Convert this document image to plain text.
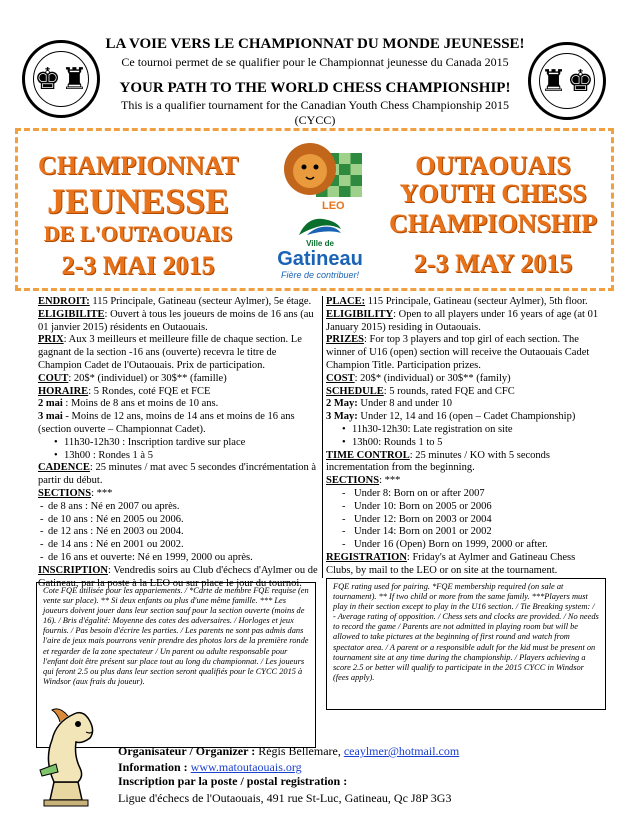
♚♜	♜♚
LA VOIE VERS LE CHAMPIONNAT DU MONDE JEUNESSE!
Ce tournoi permet de se qualifier pour le Championnat jeunesse du Canada 2015
YOUR PATH TO THE WORLD CHESS CHAMPIONSHIP!
This is a qualifier tournament for the Canadian Youth Chess Championship 2015 (CYCC)
CHAMPIONNAT
JEUNESSE
DE L'OUTAOUAIS
2-3 MAI 2015
OUTAOUAIS
YOUTH CHESS
CHAMPIONSHIP
2-3 MAY 2015
LEO
Ville de
Gatineau
Fière de contribuer!

ENDROIT: 115 Principale, Gatineau (secteur Aylmer), 5e étage.

ELIGIBILITE: Ouvert à tous les joueurs de moins de 16 ans (au 01 janvier 2015) résidents en Outaouais.

PRIX: Aux 3 meilleurs et meilleure fille de chaque section. Le gagnant de la section -16 ans (ouverte) recevra le titre de Champion Cadet de l'Outaouais. Prix de participation.

COUT: 20$* (individuel) or 30$** (famille)

HORAIRE: 5 Rondes, coté FQE et FCE

2 mai : Moins de 8 ans et moins de 10 ans.

3 mai - Moins de 12 ans, moins de 14 ans et moins de 16 ans (section ouverte – Championnat Cadet).

• 11h30-12h30 : Inscription tardive sur place

• 13h00 : Rondes 1 à 5

CADENCE: 25 minutes / mat avec 5 secondes d'incrémentation à partir du début.

SECTIONS: ***

- de 8 ans : Né en 2007 ou après.

- de 10 ans : Né en 2005 ou 2006.

- de 12 ans : Né en 2003 ou 2004.

- de 14 ans : Né en 2001 ou 2002.

- de 16 ans et ouverte: Né en 1999, 2000 ou après.

INSCRIPTION: Vendredis soirs au Club d'échecs d'Aylmer ou de Gatineau, par la poste à la LEO ou sur place le jour du tournoi.

PLACE: 115 Principale, Gatineau (secteur Aylmer), 5th floor.

ELIGIBILITY: Open to all players under 16 years of age (at 01 January 2015) residing in Outaouais.

PRIZES: For top 3 players and top girl of each section. The winner of U16 (open) section will receive the Outaouais Cadet Champion Title. Participation prizes.

COST: 20$* (individual) or 30$** (family)

SCHEDULE: 5 rounds, rated FQE and CFC

2 May: Under 8 and under 10

3 May: Under 12, 14 and 16 (open – Cadet Championship)

• 11h30-12h30: Late registration on site

• 13h00: Rounds 1 to 5

TIME CONTROL: 25 minutes / KO with 5 seconds incrementation from the beginning.

SECTIONS: ***

- Under 8: Born on or after 2007

- Under 10: Born on 2005 or 2006

- Under 12: Born on 2003 or 2004

- Under 14: Born on 2001 or 2002

- Under 16 (Open) Born on 1999, 2000 or after.

REGISTRATION: Friday's at Aylmer and Gatineau Chess Clubs, by mail to the LEO or on site at the tournament.

Cote FQE utilisée pour les appariements. / *Carte de membre FQE requise (en vente sur place). ** Si deux enfants ou plus d'une même famille. *** Les joueurs doivent jouer dans leur section sauf pour la section ouverte (moins de 16). / Bris d'égalité: Moyenne des cotes des adversaires. / Horloges et jeux fournis. / Pas besoin d'écrire les parties. / Les parents ne sont pas admis dans l'aire de jeux mais pourrons venir prendre des photos lors de la première ronde et regarder de la zone spectateur / Un parent ou adulte responsable pour l'enfant doit être présent sur place tout au long du championnat. / Les joueurs qui feront 2.5 ou plus dans leur section seront qualifiés pour le CYCC 2015 à Windsor (aux frais du joueur).
FQE rating used for pairing. *FQE membership required (on sale at tournament). ** If two child or more from the same family. ***Players must play in their section except to play in the U16 section. / Tie Breaking system: / - Average rating of opposition. / Chess sets and clocks are provided. / No needs to record the game / Parents are not admitted in playing room but will be allowed to take pictures at the beginning of first round and watch from spectator area. / A parent or a responsible adult for the kid must be present on tournament site at any time during the championship. / Players achieving a score 2.5 or better will qualify to participate in the 2015 CYCC in Windsor (fees apply).
Organisateur / Organizer : Régis Bellemare, ceaylmer@hotmail.com
Information : www.matoutaouais.org
Inscription par la poste / postal registration :
Ligue d'échecs de l'Outaouais, 491 rue St-Luc, Gatineau, Qc J8P 3G3
